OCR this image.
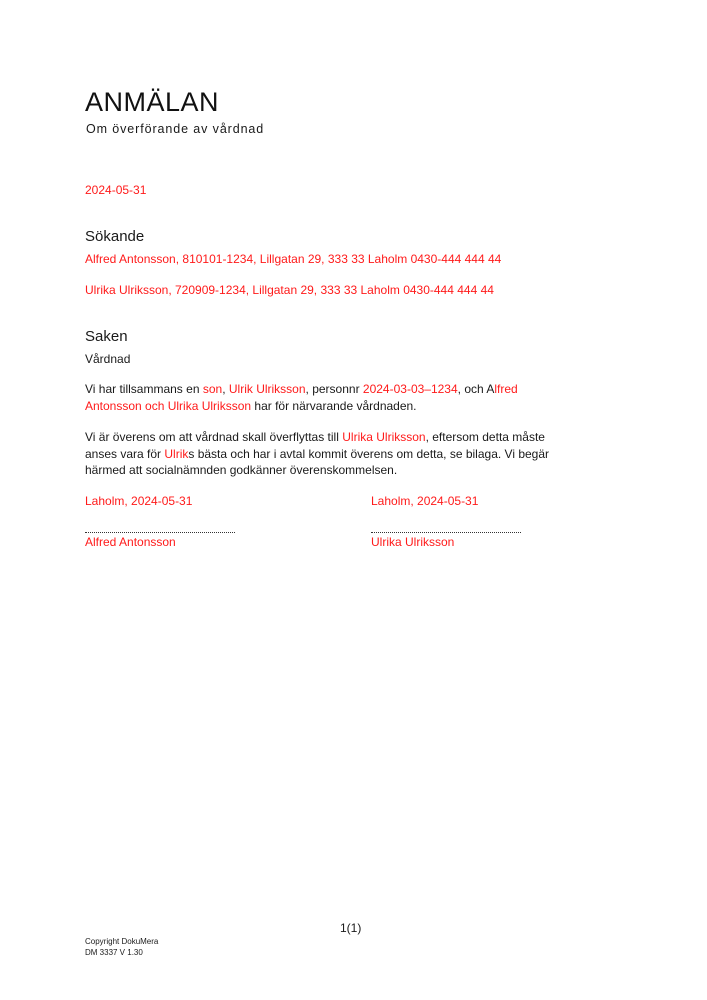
ANMÄLAN
Om överförande av vårdnad
2024-05-31
Sökande
Alfred Antonsson, 810101-1234, Lillgatan 29, 333 33 Laholm 0430-444 444 44
Ulrika Ulriksson, 720909-1234, Lillgatan 29, 333 33 Laholm 0430-444 444 44
Saken
Vårdnad

Vi har tillsammans en son, Ulrik Ulriksson, personnr 2024-03-03–1234, och Alfred Antonsson och Ulrika Ulriksson har för närvarande vårdnaden.

Vi är överens om att vårdnad skall överflyttas till Ulrika Ulriksson, eftersom detta måste anses vara för Ulriks bästa och har i avtal kommit överens om detta, se bilaga. Vi begär härmed att socialnämnden godkänner överenskommelsen.

Laholm, 2024-05-31
Alfred Antonsson
Laholm, 2024-05-31
Ulrika Ulriksson
1(1)
Copyright DokuMera
DM 3337 V 1.30
